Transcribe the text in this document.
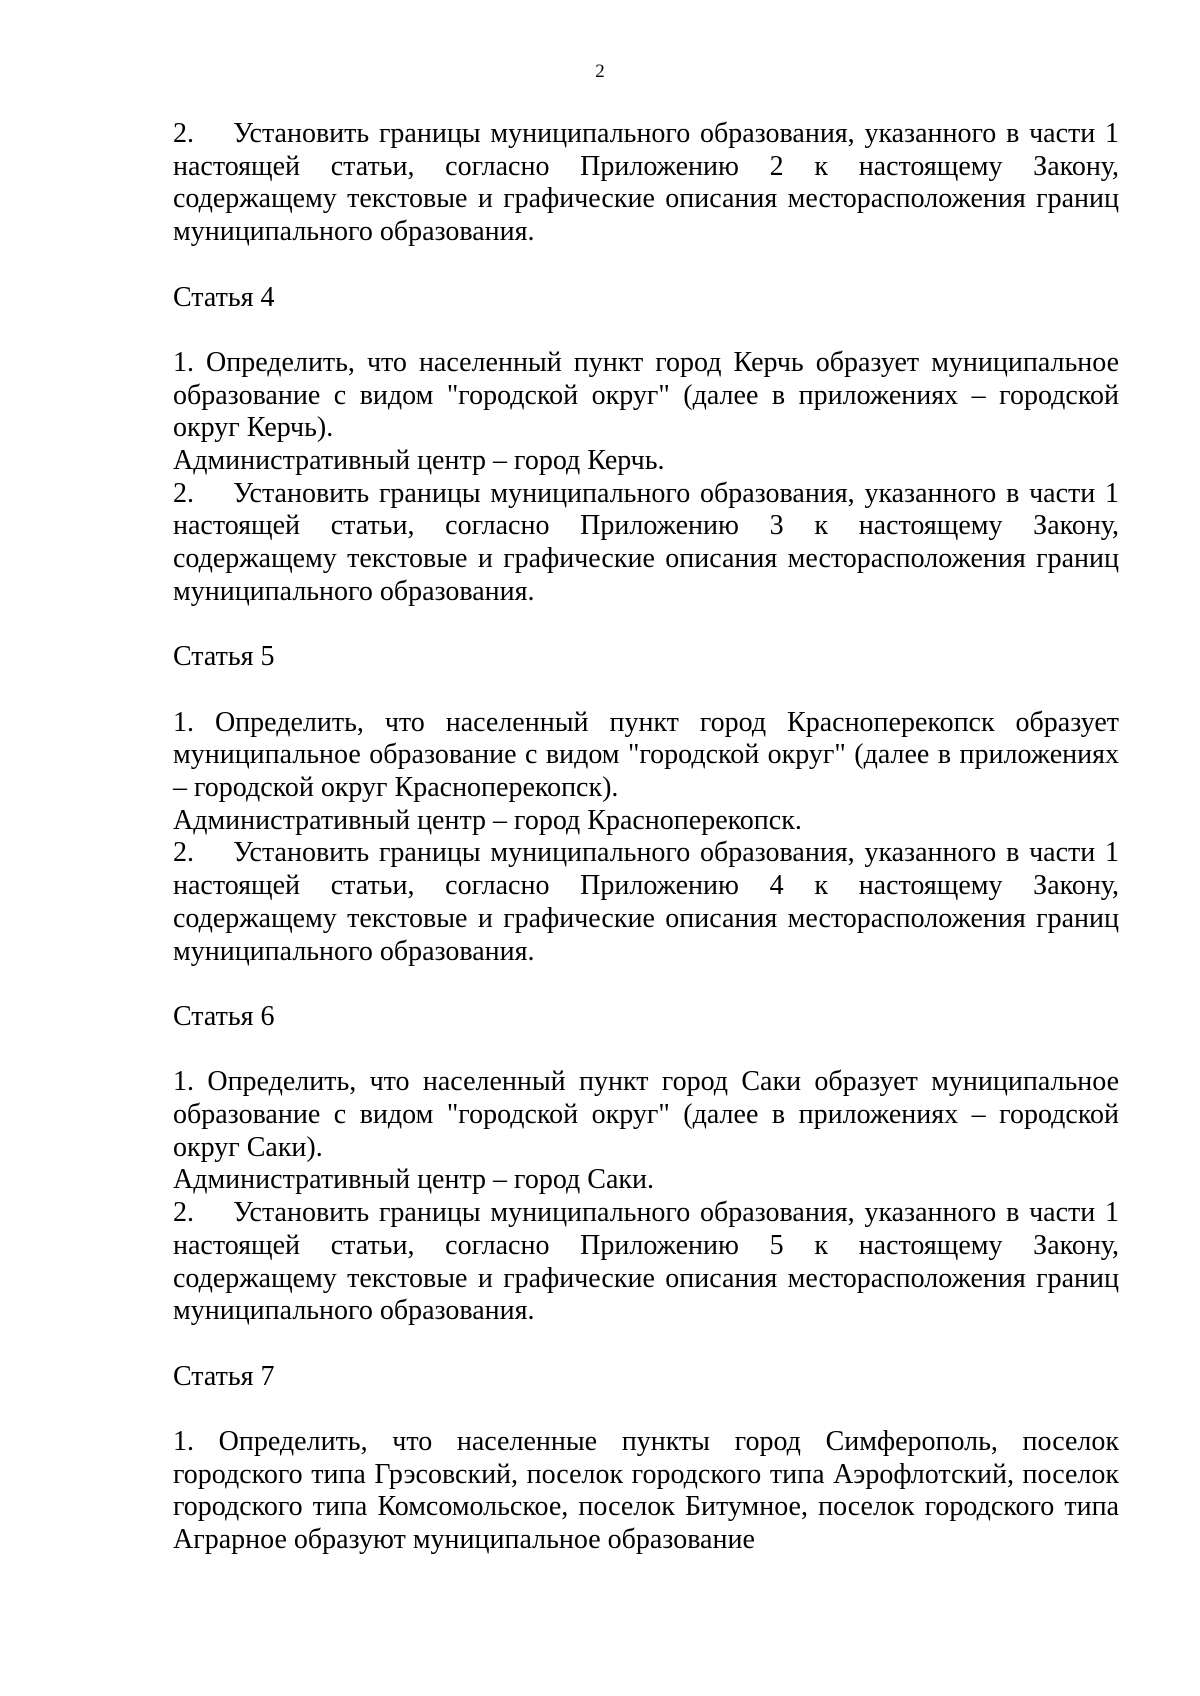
2

2.    Установить границы муниципального образования, указанного в части 1 настоящей статьи, согласно Приложению 2 к настоящему Закону, содержащему текстовые и графические описания месторасположения границ муниципального образования.

Статья 4

1. Определить, что населенный пункт город Керчь образует муниципальное образование с видом "городской округ" (далее в приложениях – городской округ Керчь).

Административный центр – город Керчь.

2.    Установить границы муниципального образования, указанного в части 1 настоящей статьи, согласно Приложению 3 к настоящему Закону, содержащему текстовые и графические описания месторасположения границ муниципального образования.

Статья 5

1. Определить, что населенный пункт город Красноперекопск образует муниципальное образование с видом "городской округ" (далее в приложениях – городской округ Красноперекопск).

Административный центр – город Красноперекопск.

2.    Установить границы муниципального образования, указанного в части 1 настоящей статьи, согласно Приложению 4 к настоящему Закону, содержащему текстовые и графические описания месторасположения границ муниципального образования.

Статья 6

1. Определить, что населенный пункт город Саки образует муниципальное образование с видом "городской округ" (далее в приложениях – городской округ Саки).

Административный центр – город Саки.

2.    Установить границы муниципального образования, указанного в части 1 настоящей статьи, согласно Приложению 5 к настоящему Закону, содержащему текстовые и графические описания месторасположения границ муниципального образования.

Статья 7

1. Определить, что населенные пункты город Симферополь, поселок городского типа Грэсовский, поселок городского типа Аэрофлотский, поселок городского типа Комсомольское, поселок Битумное, поселок городского типа Аграрное образуют муниципальное образование
